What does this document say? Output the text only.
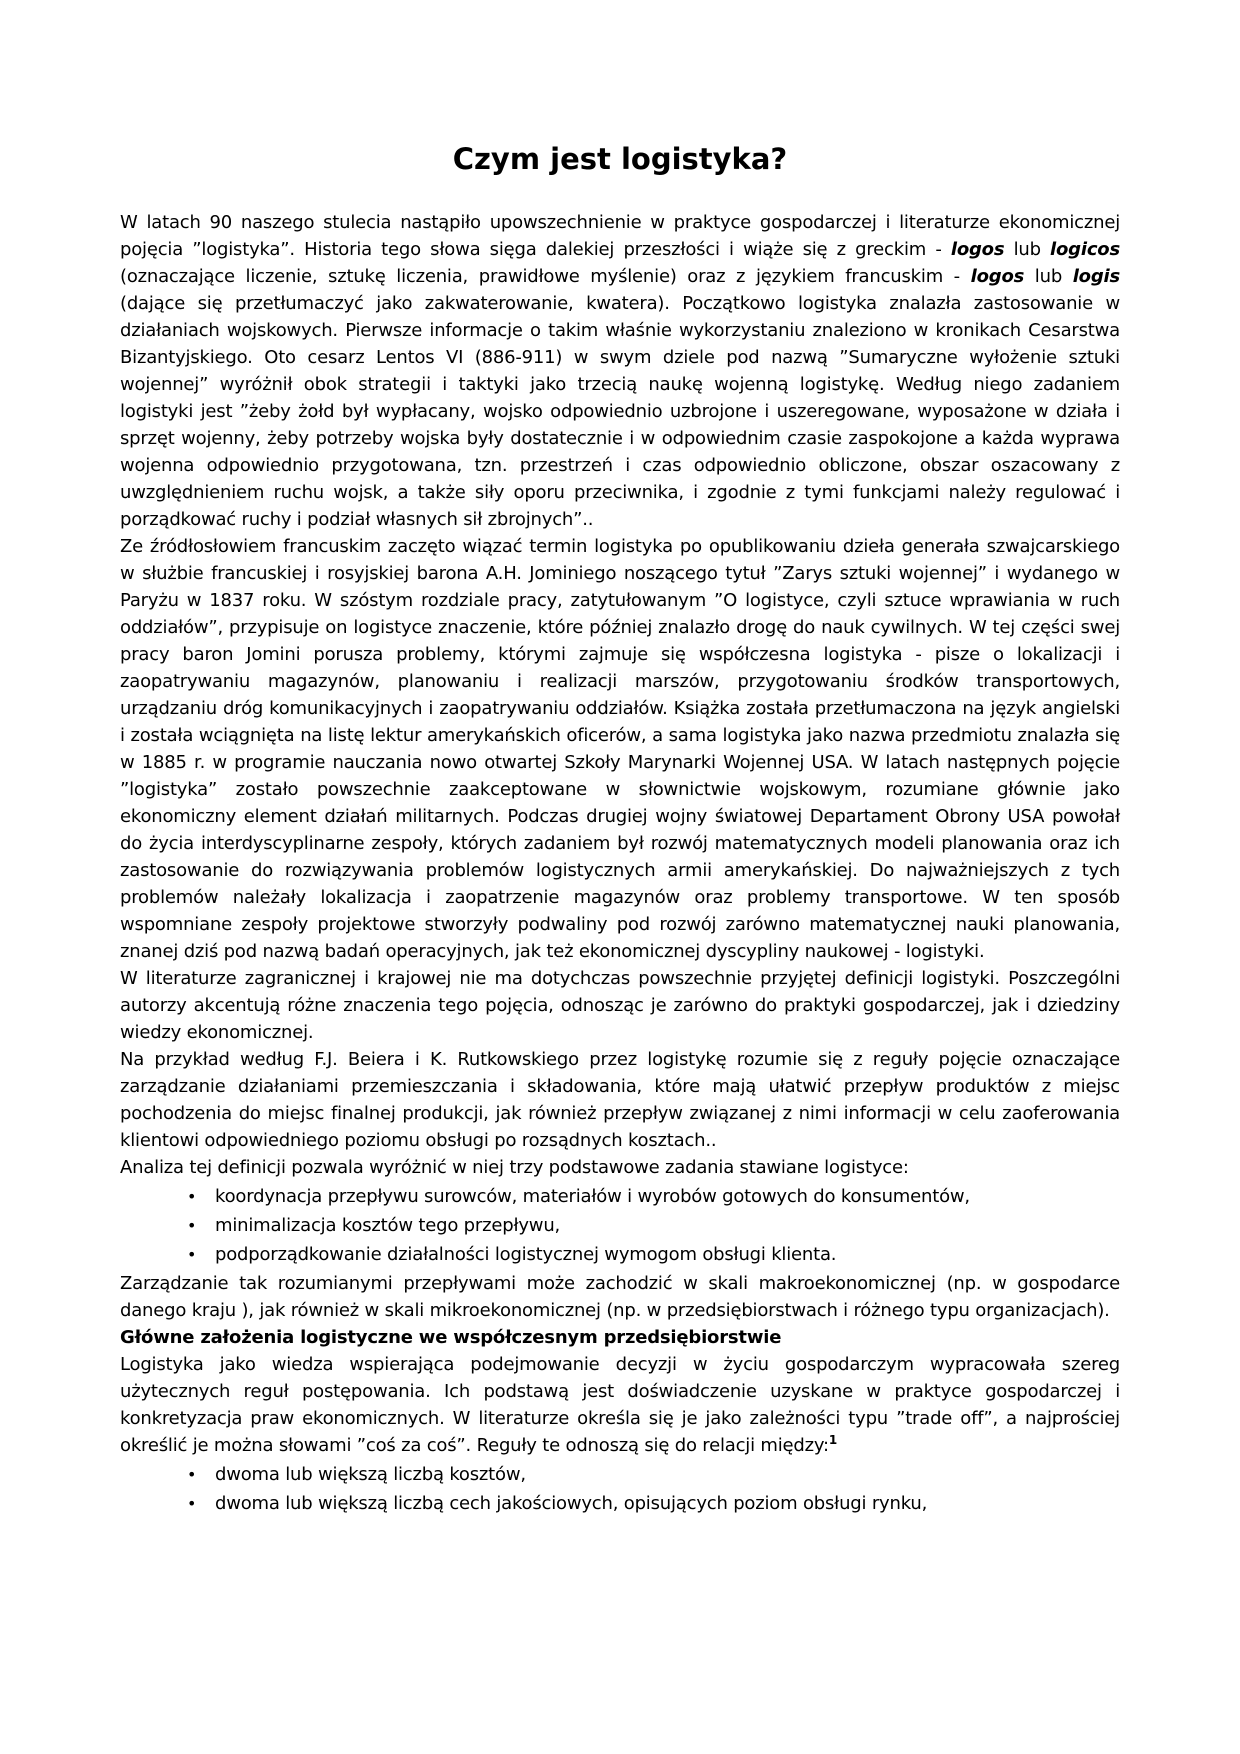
Czym jest logistyka?

W latach 90 naszego stulecia nastąpiło upowszechnienie w praktyce gospodarczej i literaturze ekonomicznej pojęcia ”logistyka”. Historia tego słowa sięga dalekiej przeszłości i wiąże się z greckim - logos lub logicos (oznaczające liczenie, sztukę liczenia, prawidłowe myślenie) oraz z językiem francuskim - logos lub logis (dające się przetłumaczyć jako zakwaterowanie, kwatera). Początkowo logistyka znalazła zastosowanie w działaniach wojskowych. Pierwsze informacje o takim właśnie wykorzystaniu znaleziono w kronikach Cesarstwa Bizantyjskiego. Oto cesarz Lentos VI (886-911) w swym dziele pod nazwą ”Sumaryczne wyłożenie sztuki wojennej” wyróżnił obok strategii i taktyki jako trzecią naukę wojenną logistykę. Według niego zadaniem logistyki jest ”żeby żołd był wypłacany, wojsko odpowiednio uzbrojone i uszeregowane, wyposażone w działa i sprzęt wojenny, żeby potrzeby wojska były dostatecznie i w odpowiednim czasie zaspokojone a każda wyprawa wojenna odpowiednio przygotowana, tzn. przestrzeń i czas odpowiednio obliczone, obszar oszacowany z uwzględnieniem ruchu wojsk, a także siły oporu przeciwnika, i zgodnie z tymi funkcjami należy regulować i porządkować ruchy i podział własnych sił zbrojnych”..

Ze źródłosłowiem francuskim zaczęto wiązać termin logistyka po opublikowaniu dzieła generała szwajcarskiego w służbie francuskiej i rosyjskiej barona A.H. Jominiego noszącego tytuł ”Zarys sztuki wojennej” i wydanego w Paryżu w 1837 roku. W szóstym rozdziale pracy, zatytułowanym ”O logistyce, czyli sztuce wprawiania w ruch oddziałów”, przypisuje on logistyce znaczenie, które później znalazło drogę do nauk cywilnych. W tej części swej pracy baron Jomini porusza problemy, którymi zajmuje się współczesna logistyka - pisze o lokalizacji i zaopatrywaniu magazynów, planowaniu i realizacji marszów, przygotowaniu środków transportowych, urządzaniu dróg komunikacyjnych i zaopatrywaniu oddziałów. Książka została przetłumaczona na język angielski i została wciągnięta na listę lektur amerykańskich oficerów, a sama logistyka jako nazwa przedmiotu znalazła się w 1885 r. w programie nauczania nowo otwartej Szkoły Marynarki Wojennej USA. W latach następnych pojęcie ”logistyka” zostało powszechnie zaakceptowane w słownictwie wojskowym, rozumiane głównie jako ekonomiczny element działań militarnych. Podczas drugiej wojny światowej Departament Obrony USA powołał do życia interdyscyplinarne zespoły, których zadaniem był rozwój matematycznych modeli planowania oraz ich zastosowanie do rozwiązywania problemów logistycznych armii amerykańskiej. Do najważniejszych z tych problemów należały lokalizacja i zaopatrzenie magazynów oraz problemy transportowe. W ten sposób wspomniane zespoły projektowe stworzyły podwaliny pod rozwój zarówno matematycznej nauki planowania, znanej dziś pod nazwą badań operacyjnych, jak też ekonomicznej dyscypliny naukowej - logistyki.

W literaturze zagranicznej i krajowej nie ma dotychczas powszechnie przyjętej definicji logistyki. Poszczególni autorzy akcentują różne znaczenia tego pojęcia, odnosząc je zarówno do praktyki gospodarczej, jak i dziedziny wiedzy ekonomicznej.

Na przykład według F.J. Beiera i K. Rutkowskiego przez logistykę rozumie się z reguły pojęcie oznaczające zarządzanie działaniami przemieszczania i składowania, które mają ułatwić przepływ produktów z miejsc pochodzenia do miejsc finalnej produkcji, jak również przepływ związanej z nimi informacji w celu zaoferowania klientowi odpowiedniego poziomu obsługi po rozsądnych kosztach..

Analiza tej definicji pozwala wyróżnić w niej trzy podstawowe zadania stawiane logistyce:

• koordynacja przepływu surowców, materiałów i wyrobów gotowych do konsumentów,
• minimalizacja kosztów tego przepływu,
• podporządkowanie działalności logistycznej wymogom obsługi klienta.

Zarządzanie tak rozumianymi przepływami może zachodzić w skali makroekonomicznej (np. w gospodarce danego kraju ), jak również w skali mikroekonomicznej (np. w przedsiębiorstwach i różnego typu organizacjach).

Główne założenia logistyczne we współczesnym przedsiębiorstwie

Logistyka jako wiedza wspierająca podejmowanie decyzji w życiu gospodarczym wypracowała szereg użytecznych reguł postępowania. Ich podstawą jest doświadczenie uzyskane w praktyce gospodarczej i konkretyzacja praw ekonomicznych. W literaturze określa się je jako zależności typu ”trade off”, a najprościej określić je można słowami ”coś za coś”. Reguły te odnoszą się do relacji między:$^1$

• dwoma lub większą liczbą kosztów,
• dwoma lub większą liczbą cech jakościowych, opisujących poziom obsługi rynku,
